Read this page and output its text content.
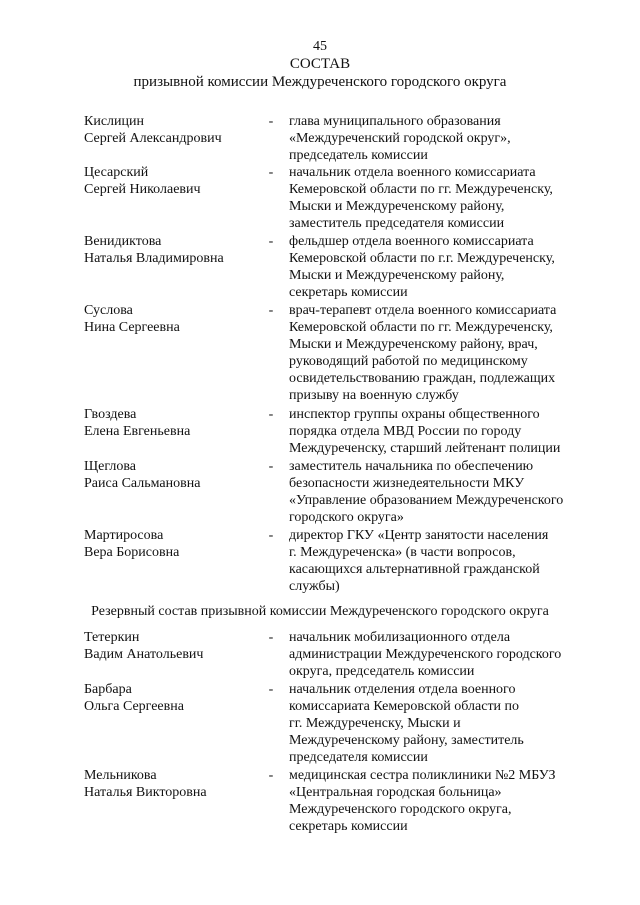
45
СОСТАВ
призывной комиссии Междуреченского городского округа
Кислицин
Сергей Александрович
- глава муниципального образования
«Междуреченский городской округ»,
председатель комиссии
Цесарский
Сергей Николаевич
- начальник отдела военного комиссариата
Кемеровской области по гг. Междуреченску,
Мыски и Междуреченскому району,
заместитель председателя комиссии
Венидиктова
Наталья Владимировна
- фельдшер отдела военного комиссариата
Кемеровской области по г.г. Междуреченску,
Мыски и Междуреченскому району,
секретарь комиссии
Суслова
Нина Сергеевна
- врач-терапевт отдела военного комиссариата
Кемеровской области по гг. Междуреченску,
Мыски и Междуреченскому району, врач,
руководящий работой по медицинскому
освидетельствованию граждан, подлежащих
призыву на военную службу
Гвоздева
Елена Евгеньевна
- инспектор группы охраны общественного
порядка отдела МВД России по городу
Междуреченску, старший лейтенант полиции
Щеглова
Раиса Сальмановна
- заместитель начальника по обеспечению
безопасности жизнедеятельности МКУ
«Управление образованием Междуреченского
городского округа»
Мартиросова
Вера Борисовна
- директор ГКУ «Центр занятости населения
г. Междуреченска» (в части вопросов,
касающихся альтернативной гражданской
службы)
Резервный состав призывной комиссии Междуреченского городского округа
Тетеркин
Вадим Анатольевич
- начальник мобилизационного отдела
администрации Междуреченского городского
округа, председатель комиссии
Барбара
Ольга Сергеевна
- начальник отделения отдела военного
комиссариата Кемеровской области по
гг. Междуреченску, Мыски и
Междуреченскому району, заместитель
председателя комиссии
Мельникова
Наталья Викторовна
- медицинская сестра поликлиники №2 МБУЗ
«Центральная городская больница»
Междуреченского городского округа,
секретарь комиссии
